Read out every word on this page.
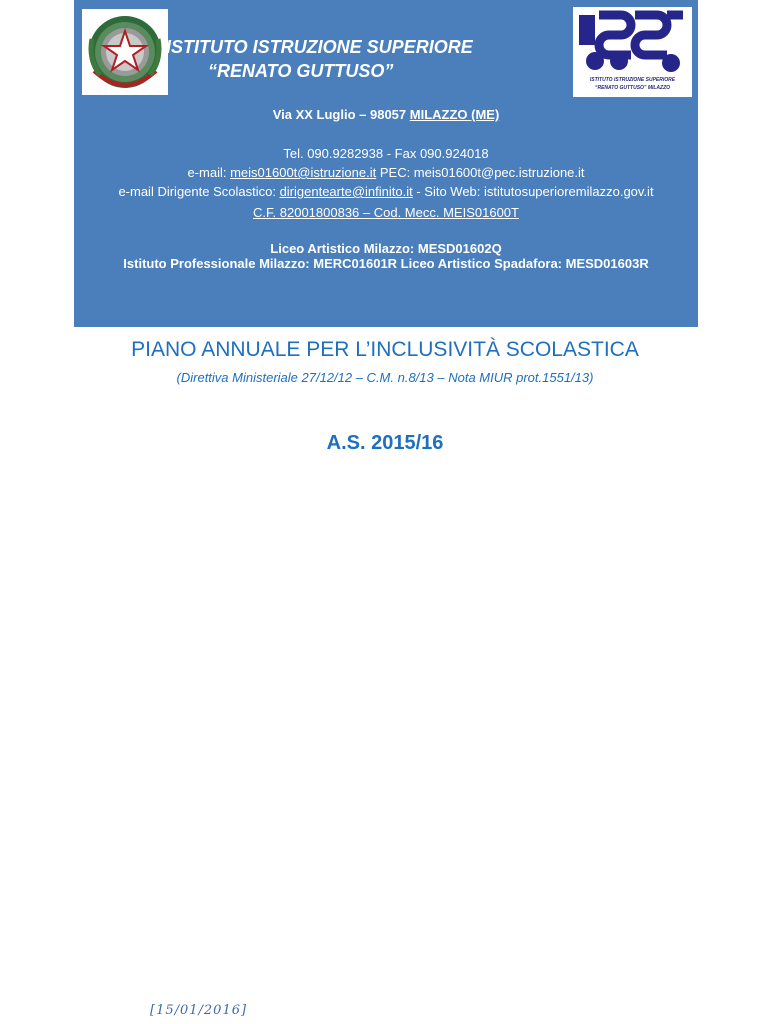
ISTITUTO ISTRUZIONE SUPERIORE
“RENATO GUTTUSO”	ISTITUTO ISTRUZIONE SUPERIORE
“RENATO GUTTUSO” MILAZZO
Via XX Luglio – 98057 MILAZZO (ME)
Tel. 090.9282938 - Fax 090.924018
e-mail: meis01600t@istruzione.it PEC: meis01600t@pec.istruzione.it
e-mail Dirigente Scolastico: dirigentearte@infinito.it - Sito Web: istitutosuperioremilazzo.gov.it
C.F. 82001800836 – Cod. Mecc. MEIS01600T
Liceo Artistico Milazzo: MESD01602Q
Istituto Professionale Milazzo: MERC01601R Liceo Artistico Spadafora: MESD01603R
PIANO ANNUALE PER L’INCLUSIVITÀ SCOLASTICA
(Direttiva Ministeriale 27/12/12 – C.M. n.8/13 – Nota MIUR prot.1551/13)
A.S. 2015/16
[15/01/2016]
